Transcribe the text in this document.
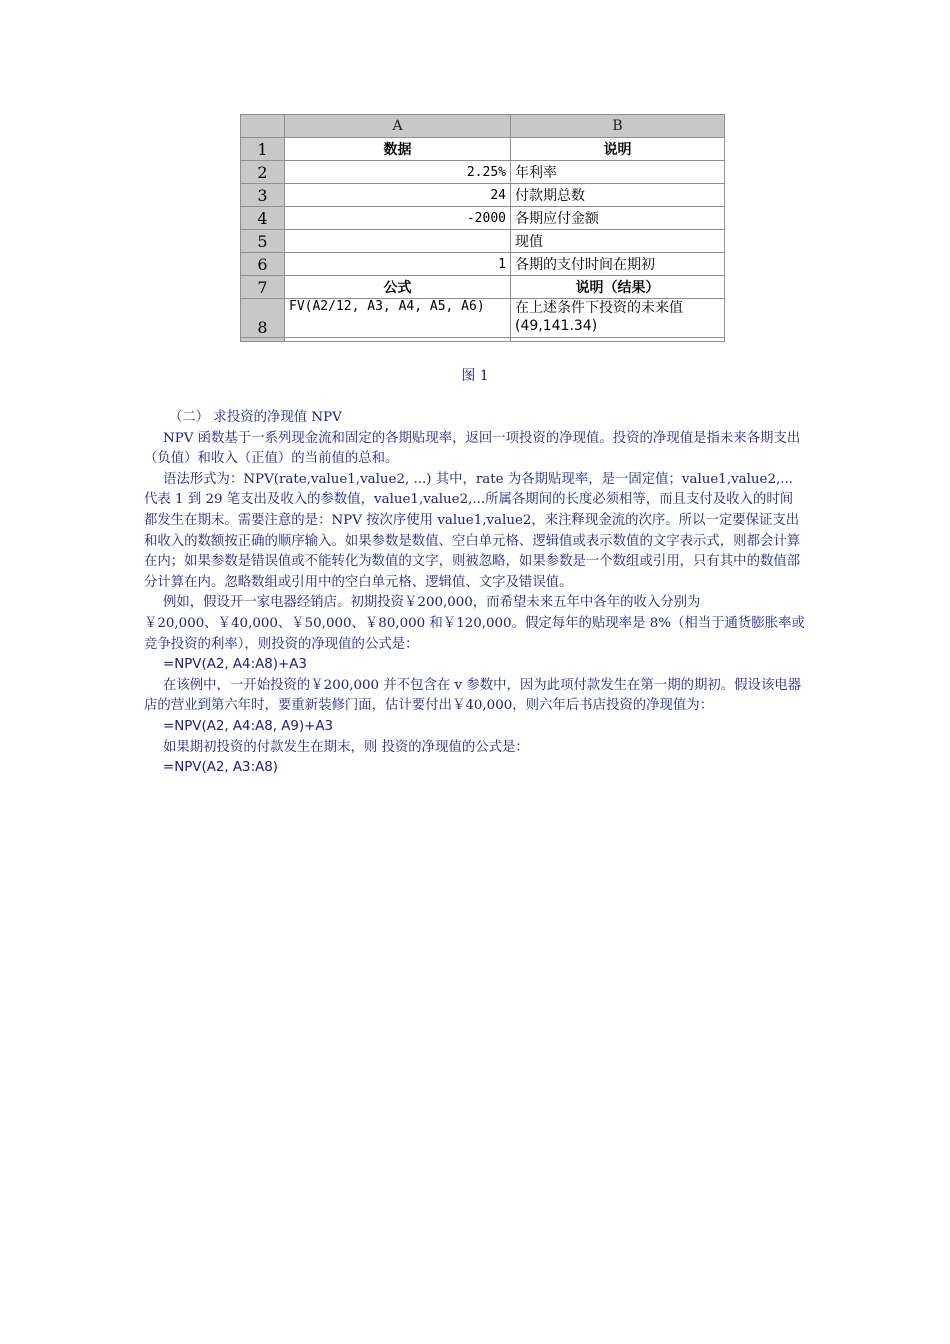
	A	B
1	数据	说明
2	2.25%	年利率
3	24	付款期总数
4	-2000	各期应付金额
5		现值
6	1	各期的支付时间在期初
7	公式	说明（结果）
8	FV(A2/12, A3, A4, A5, A6)	在上述条件下投资的未来值 (49,141.34)

图 1

（二） 求投资的净现值 NPV

NPV 函数基于一系列现金流和固定的各期贴现率，返回一项投资的净现值。投资的净现值是指未来各期支出（负值）和收入（正值）的当前值的总和。

语法形式为：NPV(rate,value1,value2, ...) 其中，rate 为各期贴现率，是一固定值；value1,value2,...代表 1 到 29 笔支出及收入的参数值，value1,value2,...所属各期间的长度必须相等，而且支付及收入的时间都发生在期末。需要注意的是：NPV 按次序使用 value1,value2，来注释现金流的次序。所以一定要保证支出和收入的数额按正确的顺序输入。如果参数是数值、空白单元格、逻辑值或表示数值的文字表示式，则都会计算在内；如果参数是错误值或不能转化为数值的文字，则被忽略，如果参数是一个数组或引用，只有其中的数值部分计算在内。忽略数组或引用中的空白单元格、逻辑值、文字及错误值。

例如，假设开一家电器经销店。初期投资￥200,000，而希望未来五年中各年的收入分别为￥20,000、￥40,000、￥50,000、￥80,000 和￥120,000。假定每年的贴现率是 8%（相当于通货膨胀率或竞争投资的利率），则投资的净现值的公式是：

=NPV(A2, A4:A8)+A3

在该例中，一开始投资的￥200,000 并不包含在 v 参数中，因为此项付款发生在第一期的期初。假设该电器店的营业到第六年时，要重新装修门面，估计要付出￥40,000，则六年后书店投资的净现值为：

=NPV(A2, A4:A8, A9)+A3

如果期初投资的付款发生在期末，则 投资的净现值的公式是：

=NPV(A2, A3:A8)
